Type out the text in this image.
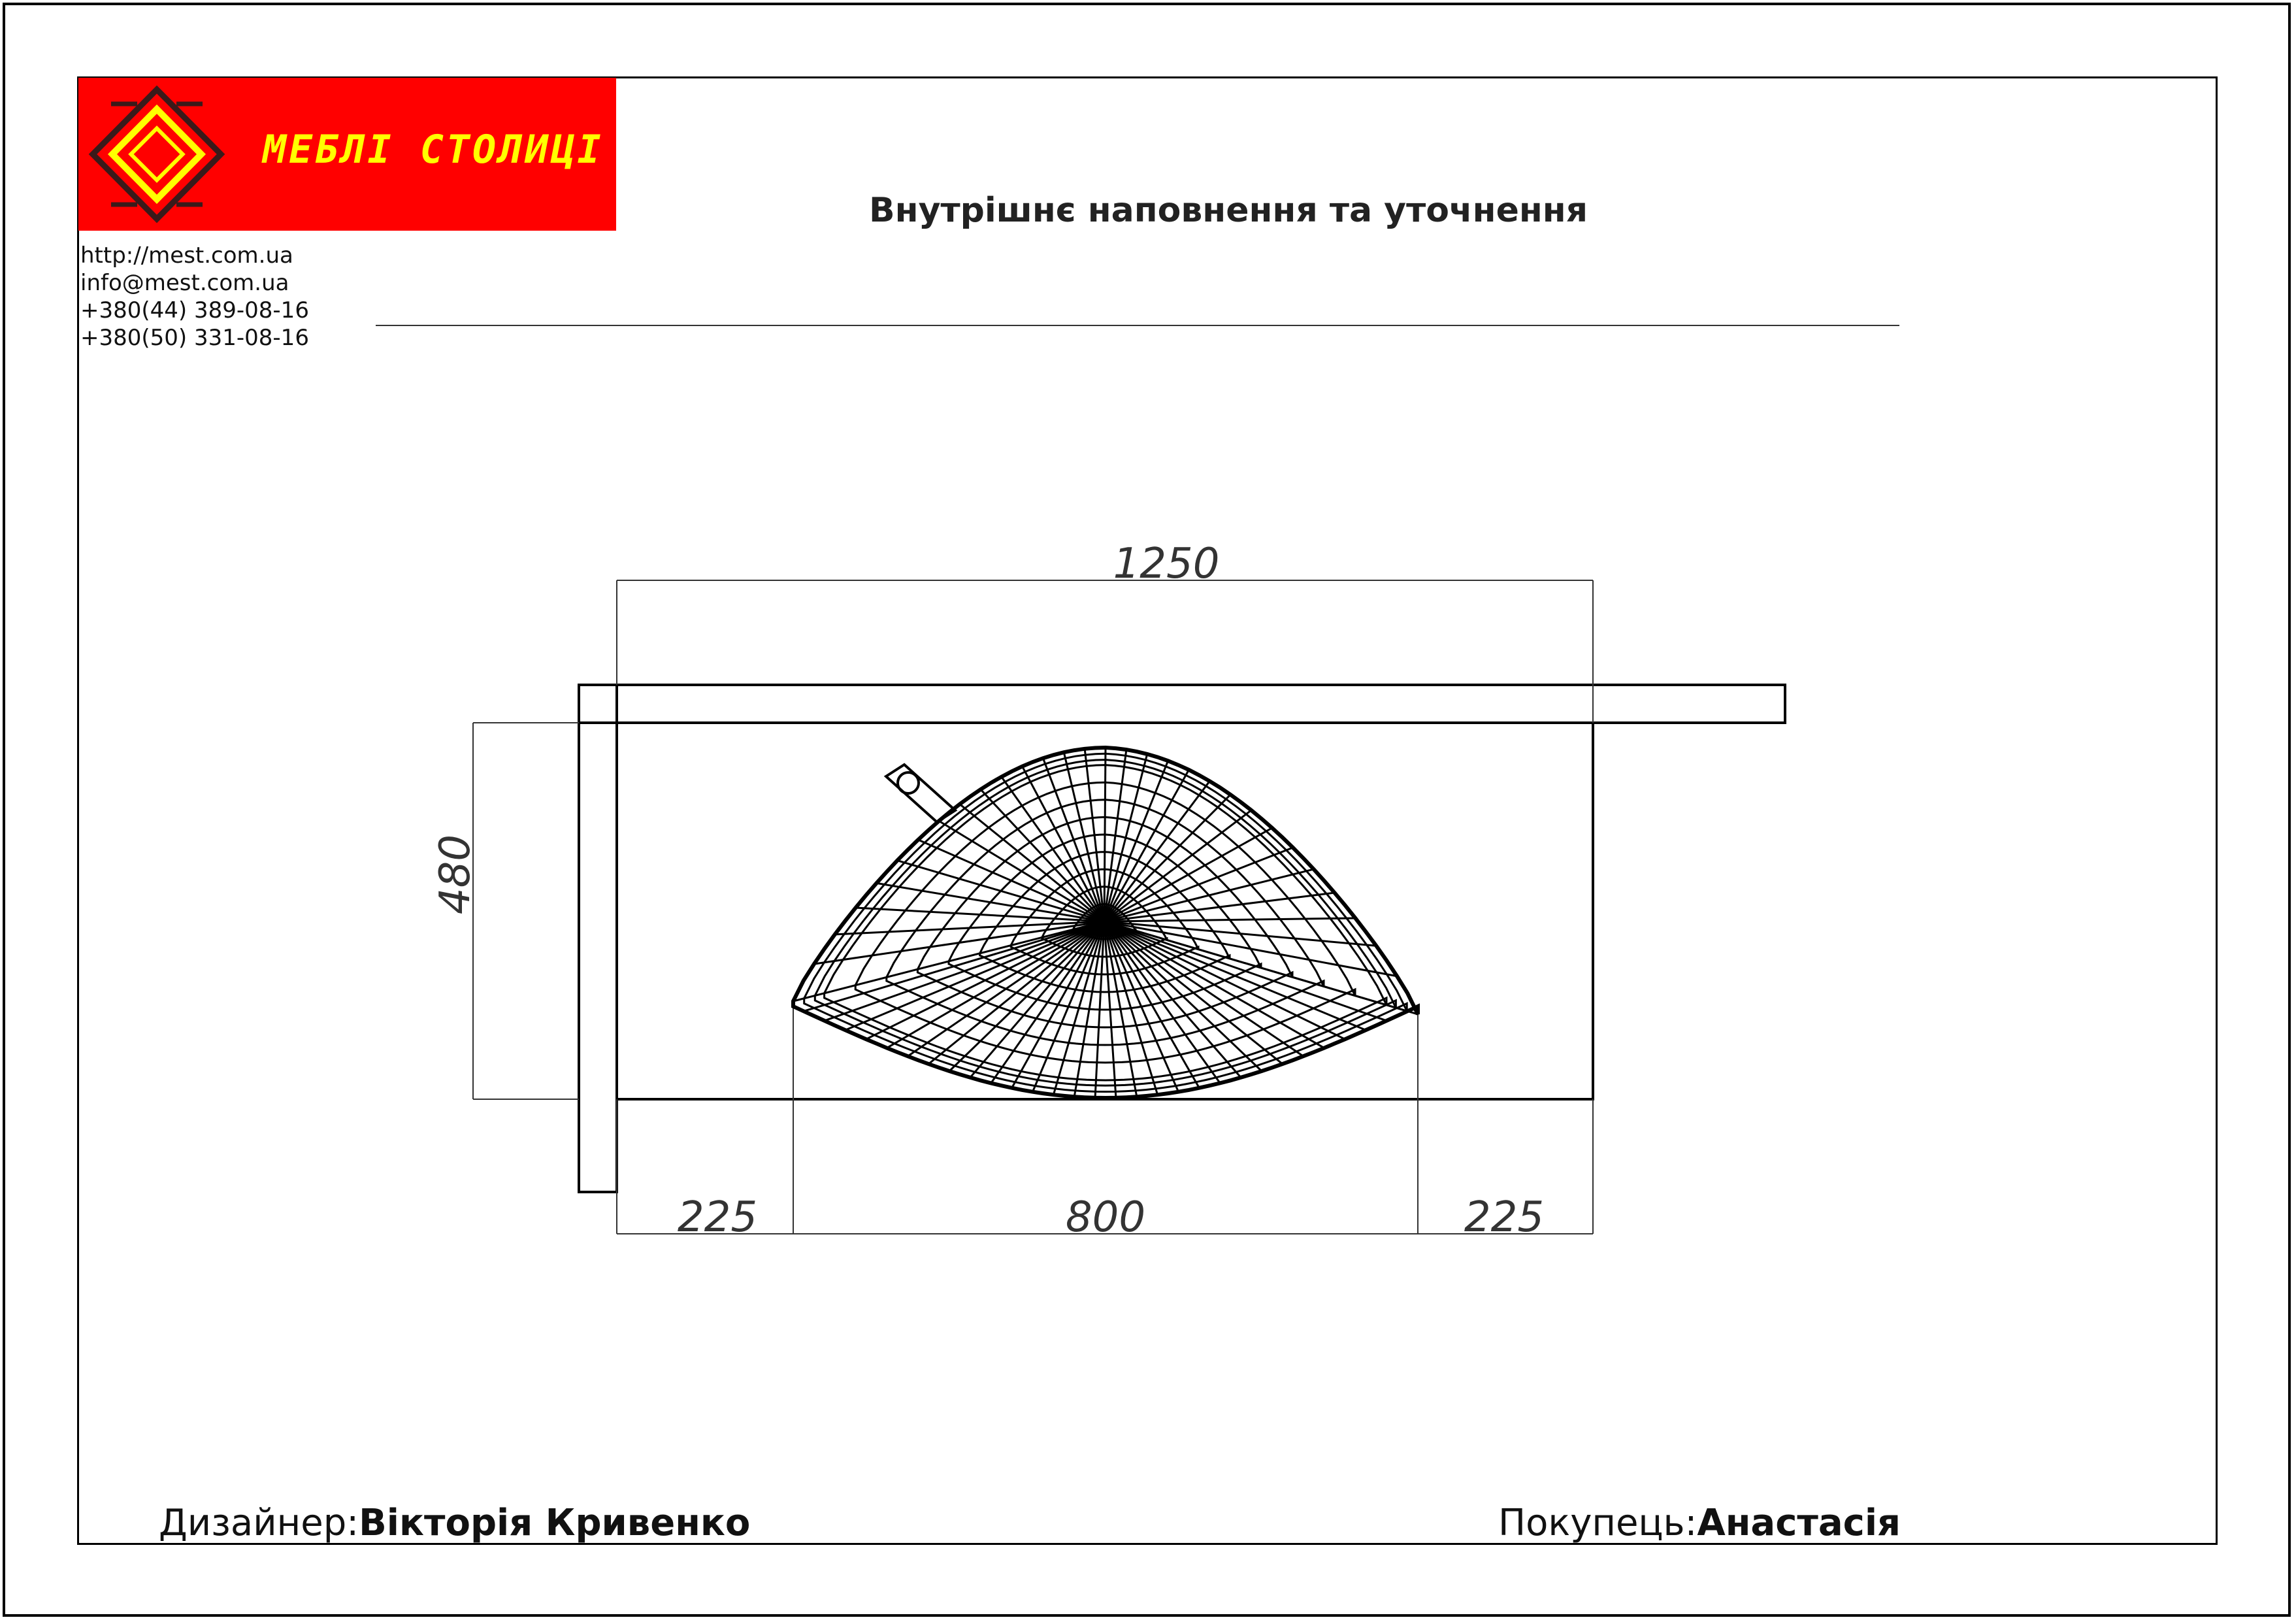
МЕБЛІ СТОЛИЦІ
http://mest.com.ua
info@mest.com.ua
+380(44) 389-08-16
+380(50) 331-08-16
Внутрішнє наповнення та уточнення
1250
480
225	800	225
Дизайнер:Вікторія Кривенко	Покупець:Анастасія
